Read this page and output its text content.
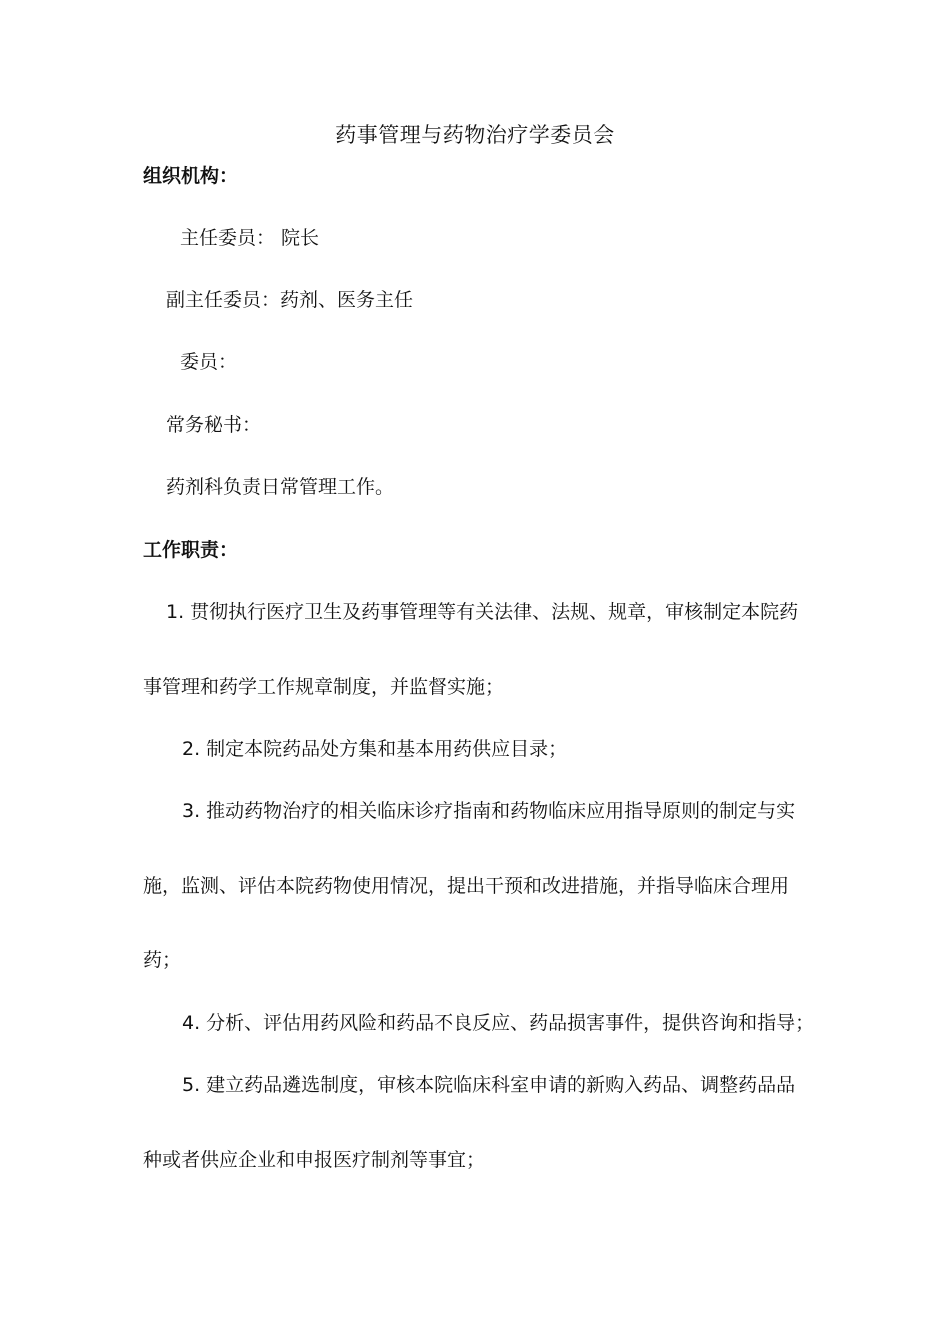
药事管理与药物治疗学委员会
组织机构：
主任委员： 院长
副主任委员：药剂、医务主任
委员：
常务秘书：
药剂科负责日常管理工作。
工作职责：
1. 贯彻执行医疗卫生及药事管理等有关法律、法规、规章，审核制定本院药
事管理和药学工作规章制度，并监督实施；
2. 制定本院药品处方集和基本用药供应目录；
3. 推动药物治疗的相关临床诊疗指南和药物临床应用指导原则的制定与实
施，监测、评估本院药物使用情况，提出干预和改进措施，并指导临床合理用
药；
4. 分析、评估用药风险和药品不良反应、药品损害事件，提供咨询和指导；
5. 建立药品遴选制度，审核本院临床科室申请的新购入药品、调整药品品
种或者供应企业和申报医疗制剂等事宜；
